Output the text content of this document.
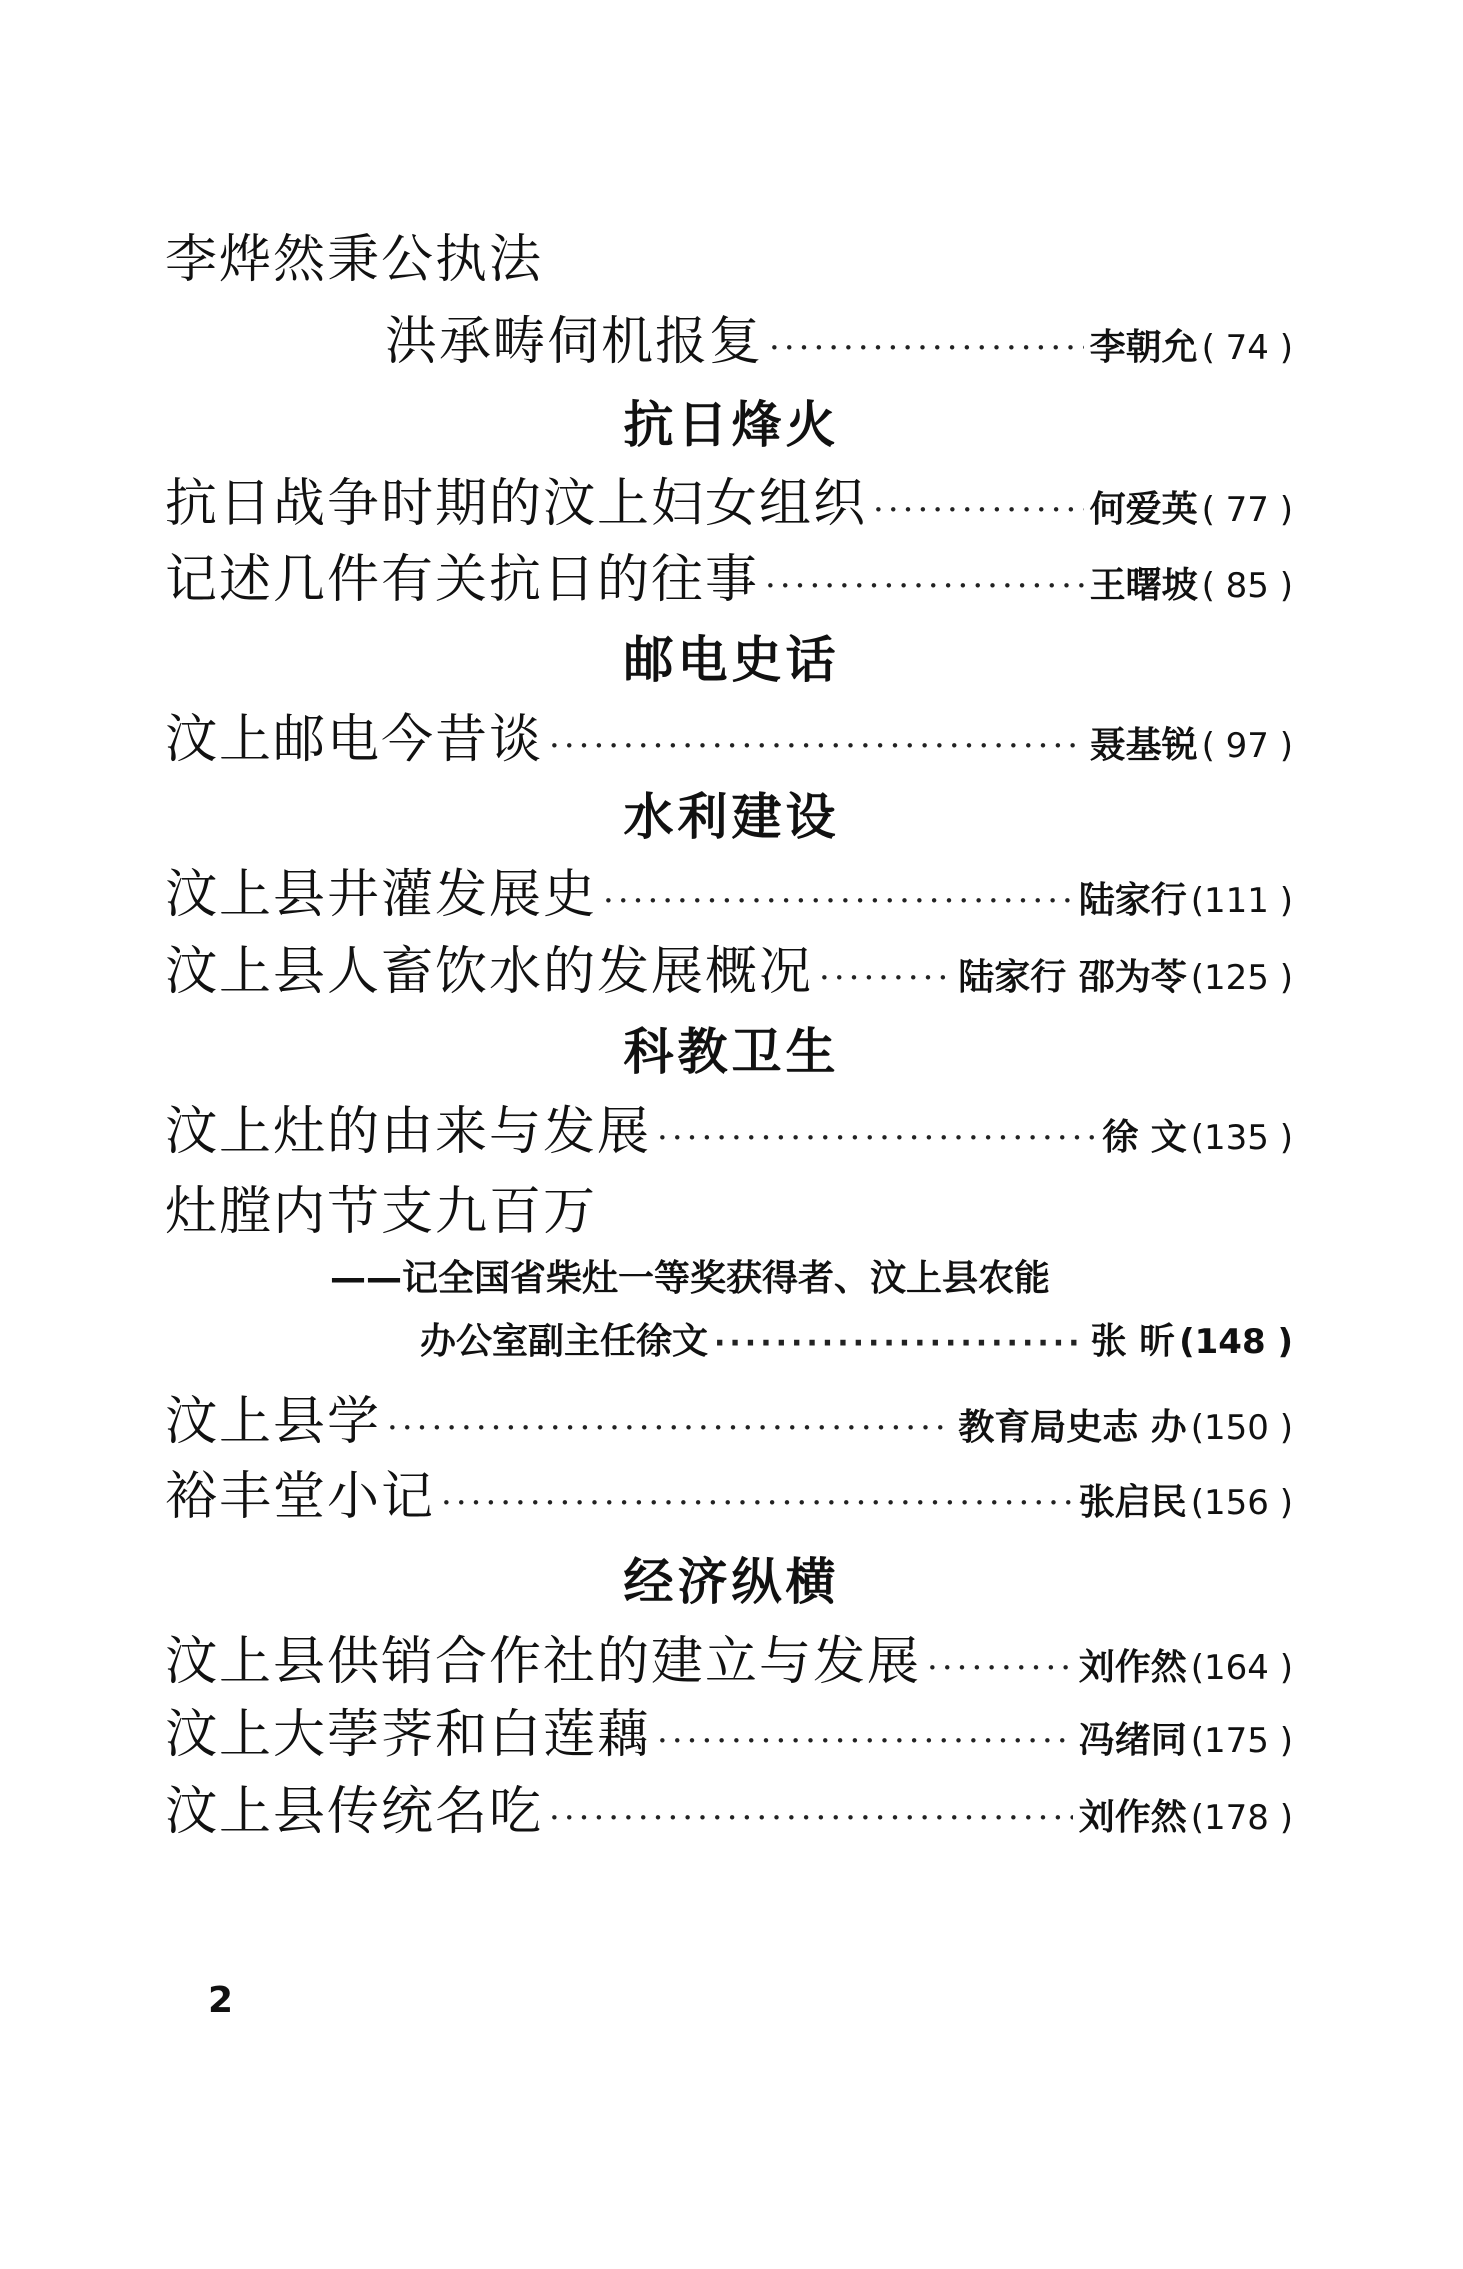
李烨然秉公执法
洪承畴伺机报复 ·····	李朝允 ( 74 )
抗日烽火
抗日战争时期的汶上妇女组织 ·····	何爱英 ( 77 )
记述几件有关抗日的往事 ·····	王曙坡 ( 85 )
邮电史话
汶上邮电今昔谈 ·····	聂基锐 ( 97 )
水利建设
汶上县井灌发展史 ·····	陆家行 (111 )
汶上县人畜饮水的发展概况 ·····	陆家行 邵为苓 (125 )
科教卫生
汶上灶的由来与发展 ·····	徐 文 (135 )
灶膛内节支九百万
——记全国省柴灶一等奖获得者、汶上县农能
办公室副主任徐文 ·····	张 昕 (148 )
汶上县学 ·····	教育局史志 办 (150 )
裕丰堂小记 ·····	张启民 (156 )
经济纵横
汶上县供销合作社的建立与发展 ·····	刘作然 (164 )
汶上大荸荠和白莲藕 ·····	冯绪同 (175 )
汶上县传统名吃 ·····	刘作然 (178 )
2
